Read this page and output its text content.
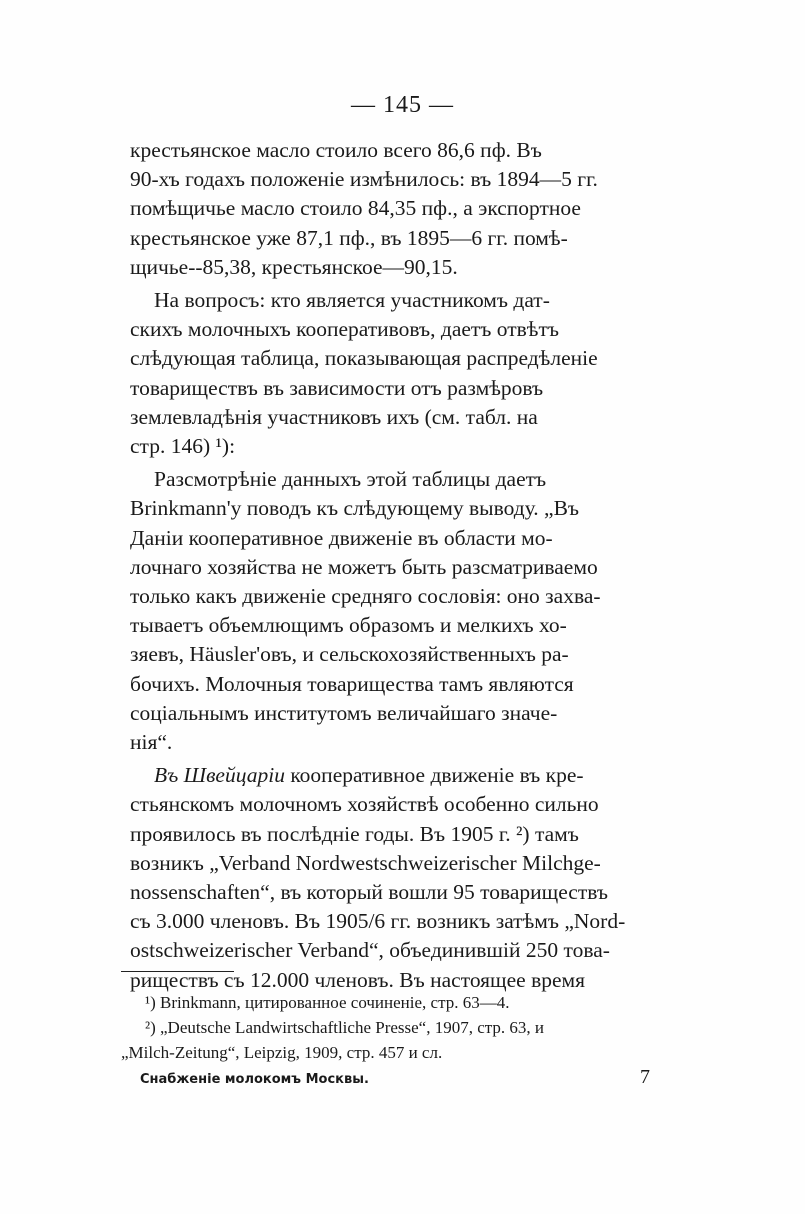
— 145 —

крестьянское масло стоило всего 86,6 пф. Въ
90-хъ годахъ положеніе измѣнилось: въ 1894—5 гг.
помѣщичье масло стоило 84,35 пф., а экспортное
крестьянское уже 87,1 пф., въ 1895—6 гг. помѣ-
щичье--85,38, крестьянское—90,15.

На вопросъ: кто является участникомъ дат-
скихъ молочныхъ кооперативовъ, даетъ отвѣтъ
слѣдующая таблица, показывающая распредѣленіе
товариществъ въ зависимости отъ размѣровъ
землевладѣнія участниковъ ихъ (см. табл. на
стр. 146) ¹):

Разсмотрѣніе данныхъ этой таблицы даетъ
Brinkmann'у поводъ къ слѣдующему выводу. „Въ
Даніи кооперативное движеніе въ области мо-
лочнаго хозяйства не можетъ быть разсматриваемо
только какъ движеніе средняго сословія: оно захва-
тываетъ объемлющимъ образомъ и мелкихъ хо-
зяевъ, Häusler'овъ, и сельскохозяйственныхъ ра-
бочихъ. Молочныя товарищества тамъ являются
соціальнымъ институтомъ величайшаго значе-
нія“.

Въ Швейцаріи кооперативное движеніе въ кре-
стьянскомъ молочномъ хозяйствѣ особенно сильно
проявилось въ послѣдніе годы. Въ 1905 г. ²) тамъ
возникъ „Verband Nordwestschweizerischer Milchge-
nossenschaften“, въ который вошли 95 товариществъ
съ 3.000 членовъ. Въ 1905/6 гг. возникъ затѣмъ „Nord-
ostschweizerischer Verband“, объединившій 250 това-
риществъ съ 12.000 членовъ. Въ настоящее время

¹) Brinkmann, цитированное сочиненіе, стр. 63—4.
²) „Deutsche Landwirtschaftliche Presse“, 1907, стр. 63, и
„Milch-Zeitung“, Leipzig, 1909, стр. 457 и сл.
Снабженіе молокомъ Москвы.	7
